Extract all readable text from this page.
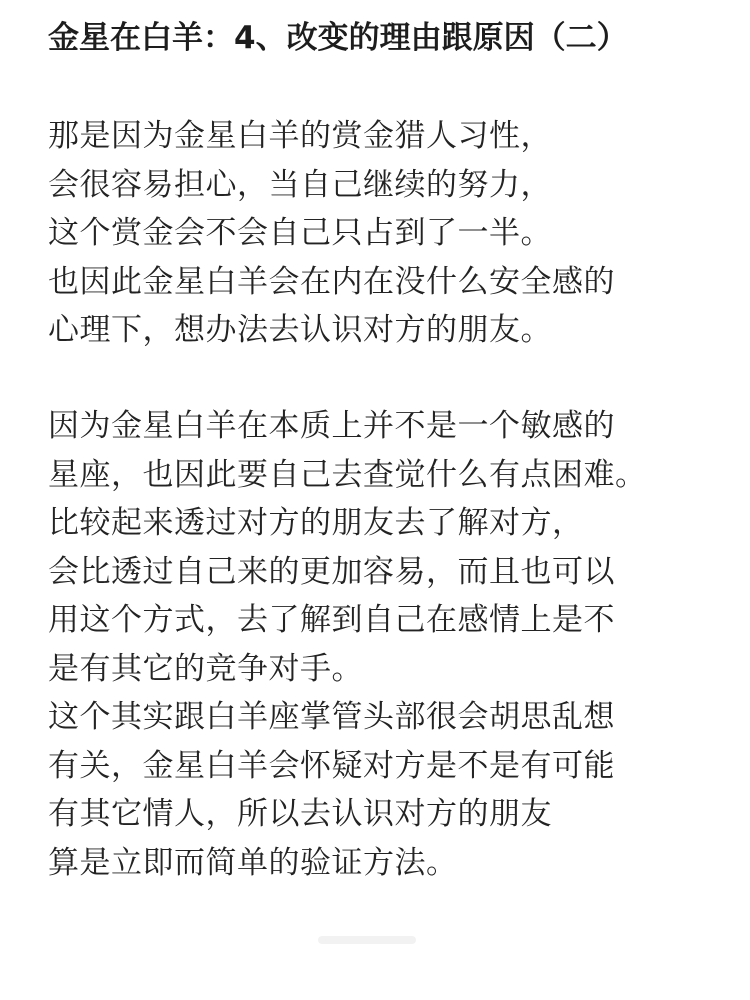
金星在白羊：4、改变的理由跟原因（二）
那是因为金星白羊的赏金猎人习性，
会很容易担心，当自己继续的努力，
这个赏金会不会自己只占到了一半。
也因此金星白羊会在内在没什么安全感的
心理下，想办法去认识对方的朋友。
因为金星白羊在本质上并不是一个敏感的
星座，也因此要自己去查觉什么有点困难。
比较起来透过对方的朋友去了解对方，
会比透过自己来的更加容易，而且也可以
用这个方式，去了解到自己在感情上是不
是有其它的竞争对手。
这个其实跟白羊座掌管头部很会胡思乱想
有关，金星白羊会怀疑对方是不是有可能
有其它情人，所以去认识对方的朋友
算是立即而简单的验证方法。
